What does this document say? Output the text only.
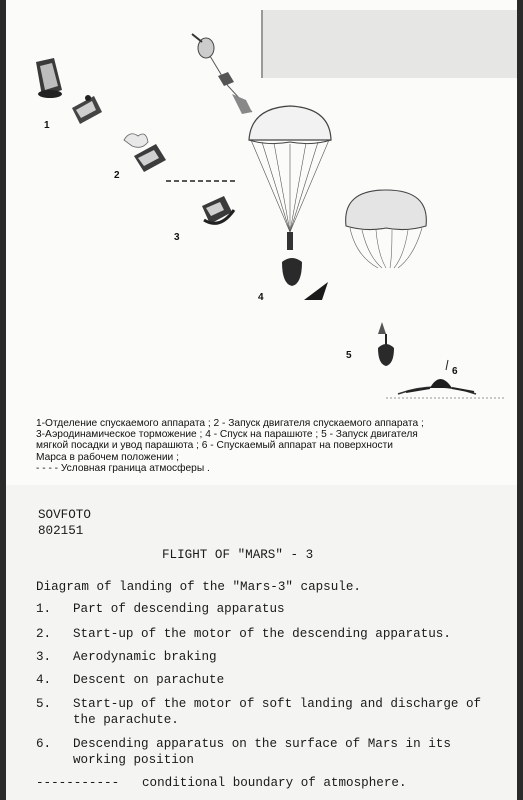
1
2
3
4
5
6
1-Отделение спускаемого аппарата ; 2 - Запуск двигателя спускаемого аппарата ;
3-Аэродинамическое торможение ; 4 - Спуск на парашюте ; 5 - Запуск двигателя
мягкой посадки и увод парашюта ; 6 - Спускаемый аппарат на поверхности
Марса в рабочем положении ;
- - - - Условная граница атмосферы .
SOVFOTO
802151
FLIGHT OF "MARS" - 3
Diagram of landing of the "Mars-3" capsule.
1. Part of descending apparatus
2. Start-up of the motor of the descending apparatus.
3. Aerodynamic braking
4. Descent on parachute
5. Start-up of the motor of soft landing and discharge of
the parachute.
6. Descending apparatus on the surface of Mars in its
working position
----------- conditional boundary of atmosphere.
